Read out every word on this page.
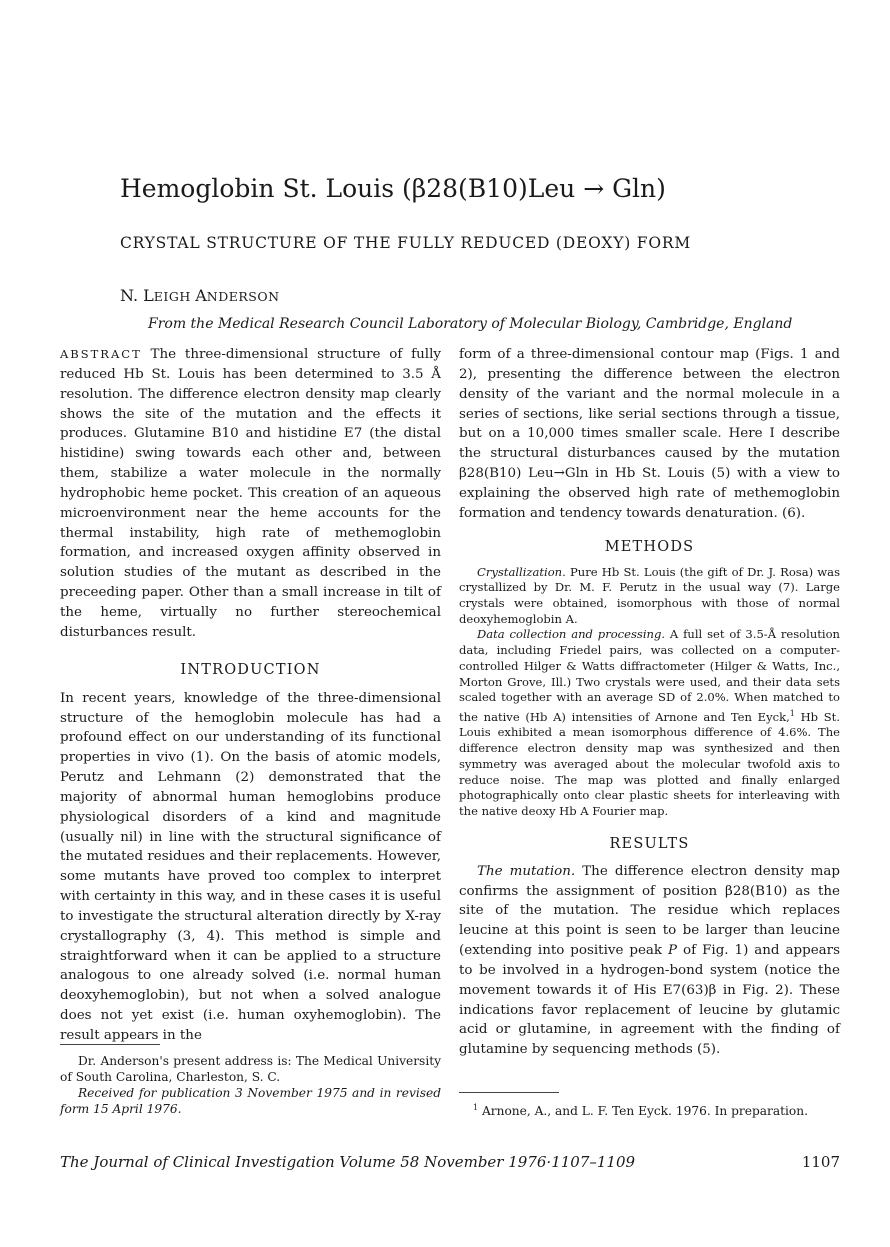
Hemoglobin St. Louis (β28(B10)Leu → Gln)
CRYSTAL STRUCTURE OF THE FULLY REDUCED (DEOXY) FORM
N. LEIGH ANDERSON
From the Medical Research Council Laboratory of Molecular Biology, Cambridge, England

ABSTRACT The three-dimensional structure of fully reduced Hb St. Louis has been determined to 3.5 Å resolution. The difference electron density map clearly shows the site of the mutation and the effects it produces. Glutamine B10 and histidine E7 (the distal histidine) swing towards each other and, between them, stabilize a water molecule in the normally hydrophobic heme pocket. This creation of an aqueous microenvironment near the heme accounts for the thermal instability, high rate of methemoglobin formation, and increased oxygen affinity observed in solution studies of the mutant as described in the preceeding paper. Other than a small increase in tilt of the heme, virtually no further stereochemical disturbances result.

INTRODUCTION

In recent years, knowledge of the three-dimensional structure of the hemoglobin molecule has had a profound effect on our understanding of its functional properties in vivo (1). On the basis of atomic models, Perutz and Lehmann (2) demonstrated that the majority of abnormal human hemoglobins produce physiological disorders of a kind and magnitude (usually nil) in line with the structural significance of the mutated residues and their replacements. However, some mutants have proved too complex to interpret with certainty in this way, and in these cases it is useful to investigate the structural alteration directly by X-ray crystallography (3, 4). This method is simple and straightforward when it can be applied to a structure analogous to one already solved (i.e. normal human deoxyhemoglobin), but not when a solved analogue does not yet exist (i.e. human oxyhemoglobin). The result appears in the

Dr. Anderson's present address is: The Medical University of South Carolina, Charleston, S. C.
Received for publication 3 November 1975 and in revised form 15 April 1976.

form of a three-dimensional contour map (Figs. 1 and 2), presenting the difference between the electron density of the variant and the normal molecule in a series of sections, like serial sections through a tissue, but on a 10,000 times smaller scale. Here I describe the structural disturbances caused by the mutation β28(B10) Leu→Gln in Hb St. Louis (5) with a view to explaining the observed high rate of methemoglobin formation and tendency towards denaturation. (6).

METHODS

Crystallization. Pure Hb St. Louis (the gift of Dr. J. Rosa) was crystallized by Dr. M. F. Perutz in the usual way (7). Large crystals were obtained, isomorphous with those of normal deoxyhemoglobin A.

Data collection and processing. A full set of 3.5-Å resolution data, including Friedel pairs, was collected on a computer-controlled Hilger & Watts diffractometer (Hilger & Watts, Inc., Morton Grove, Ill.) Two crystals were used, and their data sets scaled together with an average SD of 2.0%. When matched to the native (Hb A) intensities of Arnone and Ten Eyck,$^1$ Hb St. Louis exhibited a mean isomorphous difference of 4.6%. The difference electron density map was synthesized and then symmetry was averaged about the molecular twofold axis to reduce noise. The map was plotted and finally enlarged photographically onto clear plastic sheets for interleaving with the native deoxy Hb A Fourier map.

RESULTS

The mutation. The difference electron density map confirms the assignment of position β28(B10) as the site of the mutation. The residue which replaces leucine at this point is seen to be larger than leucine (extending into positive peak P of Fig. 1) and appears to be involved in a hydrogen-bond system (notice the movement towards it of His E7(63)β in Fig. 2). These indications favor replacement of leucine by glutamic acid or glutamine, in agreement with the finding of glutamine by sequencing methods (5).

$^1$ Arnone, A., and L. F. Ten Eyck. 1976. In preparation.
The Journal of Clinical Investigation Volume 58 November 1976·1107–1109	1107
